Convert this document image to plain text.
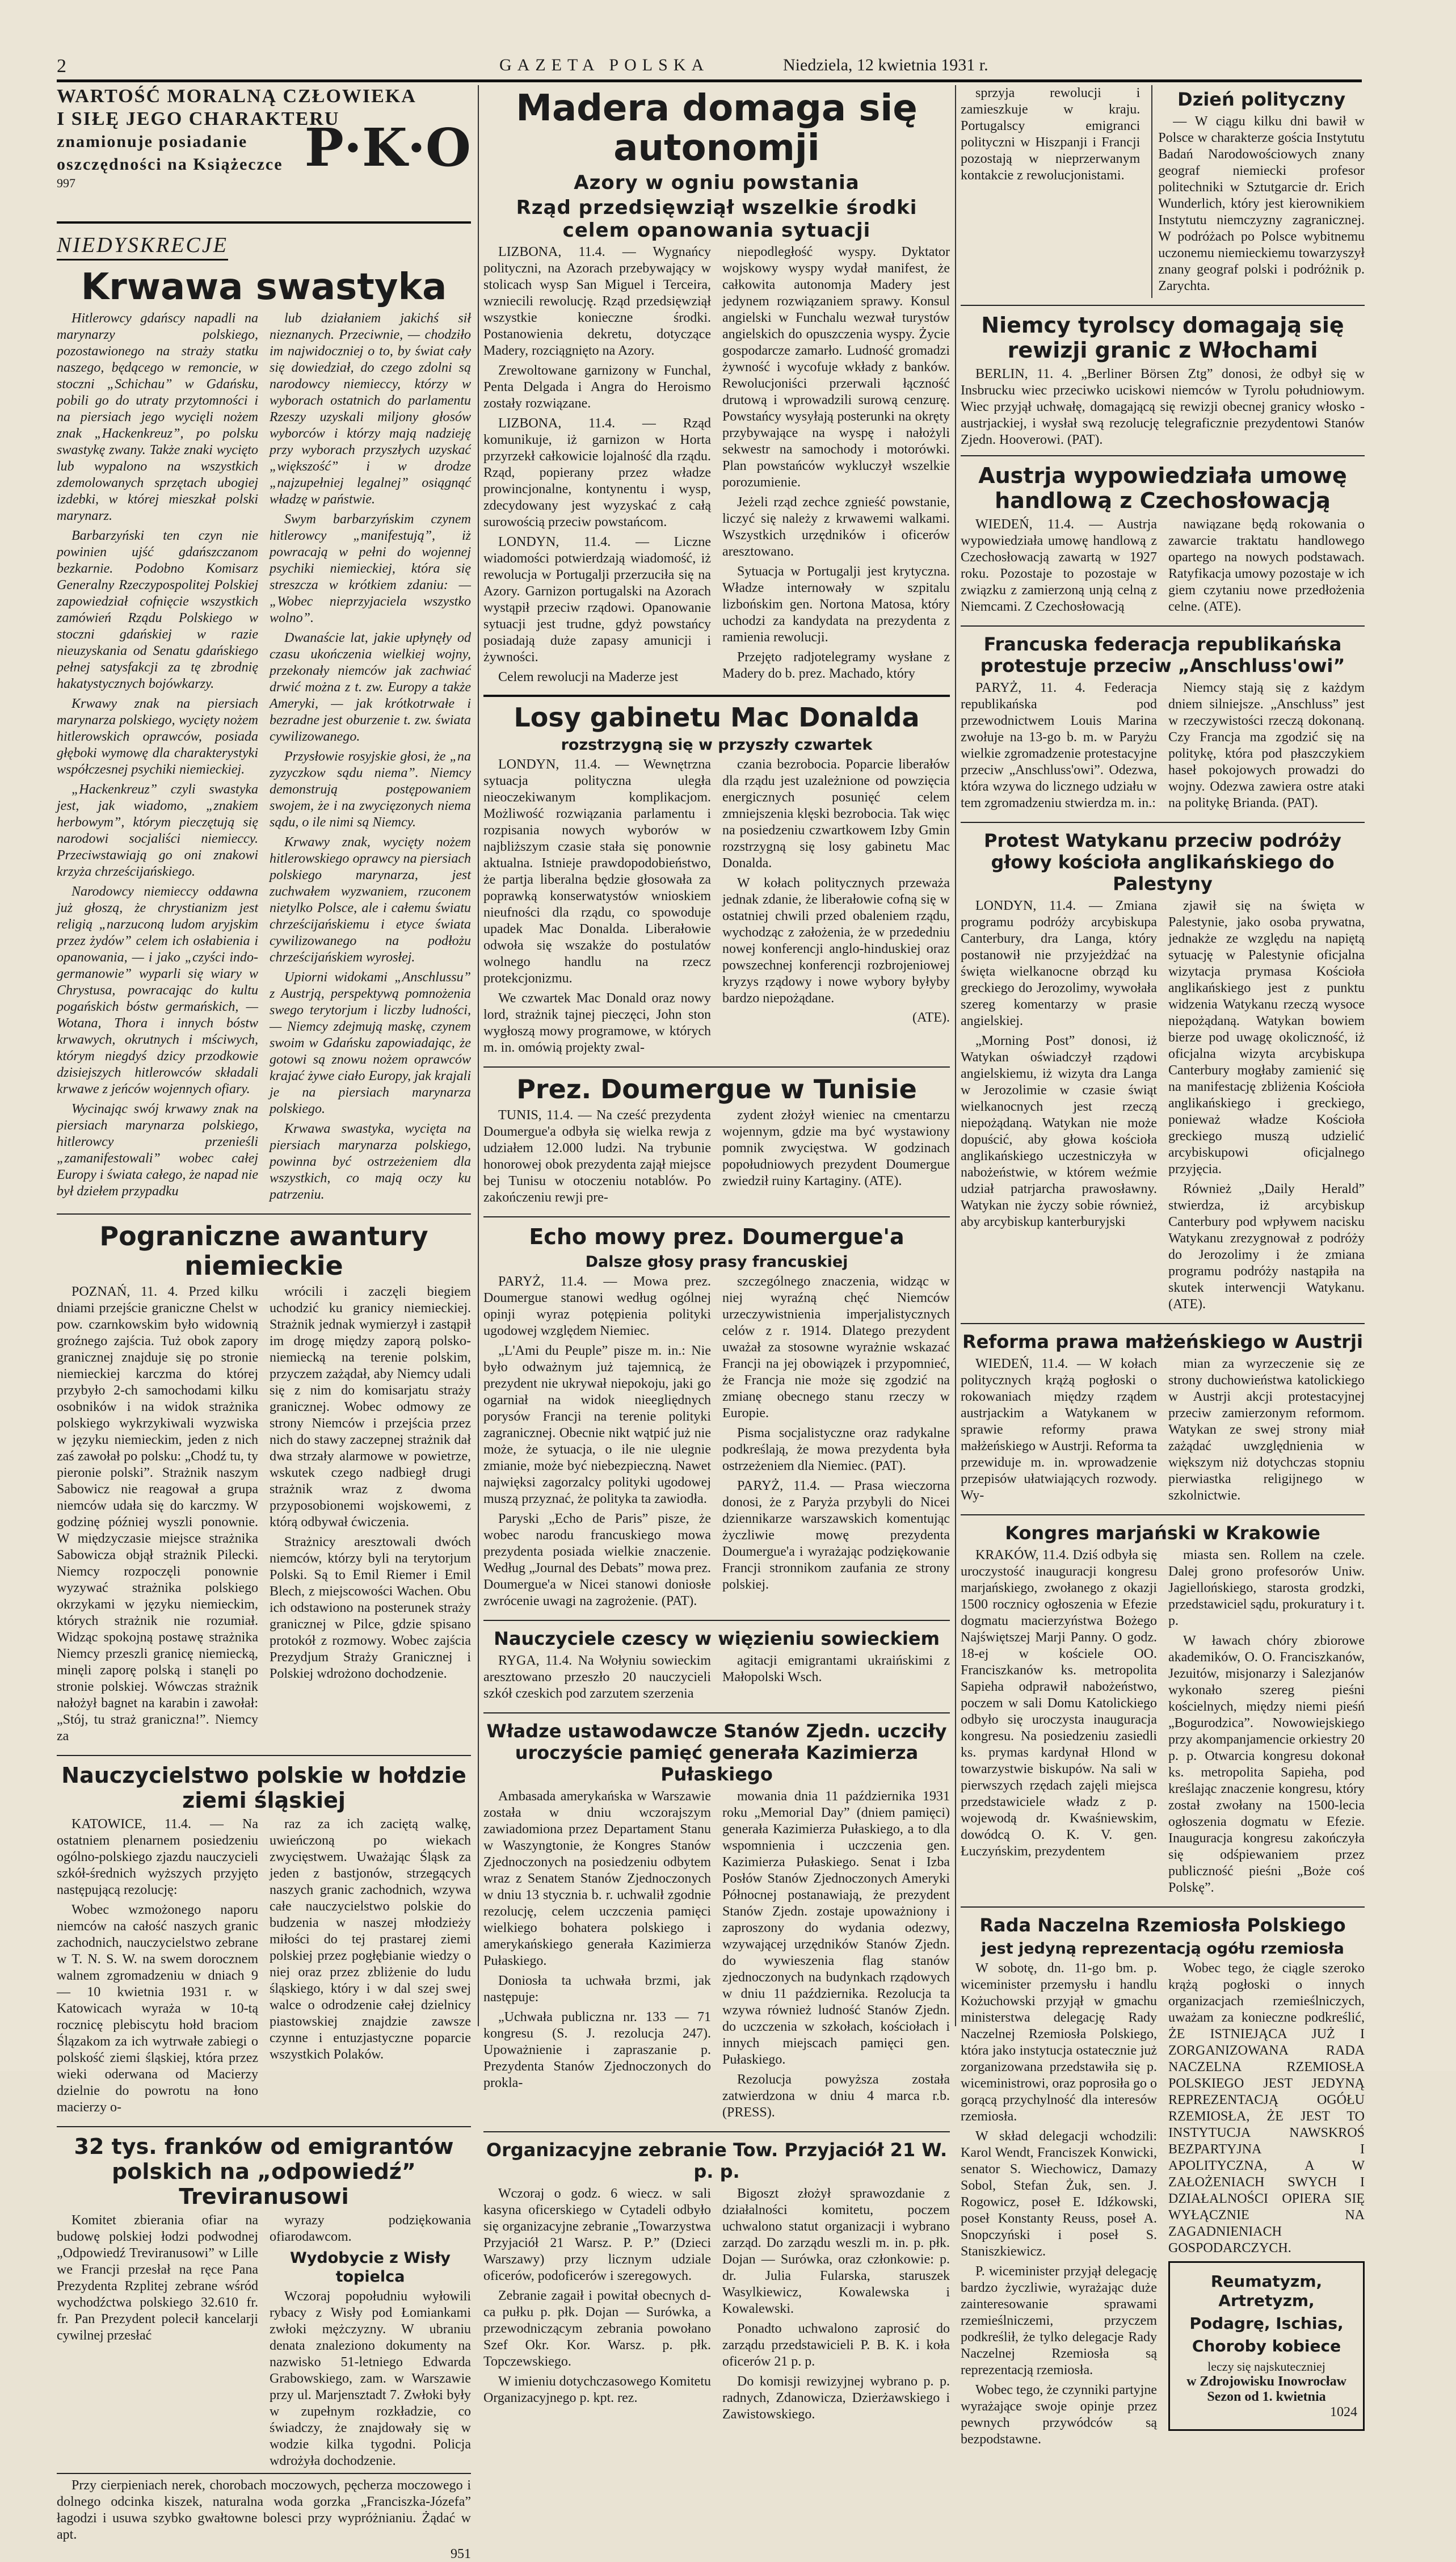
2	GAZETA POLSKA	Niedziela, 12 kwietnia 1931 r.
WARTOŚĆ MORALNĄ CZŁOWIEKA
I SIŁĘ JEGO CHARAKTERU
znamionuje posiadanie
oszczędności na Książeczce P·K·O
997
NIEDYSKRECJE
Krwawa swastyka

Hitlerowcy gdańscy napadli na marynarzy polskiego, pozostawionego na straży statku naszego, będącego w remoncie, w stoczni „Schichau” w Gdańsku, pobili go do utraty przytomności i na piersiach jego wycięli nożem znak „Hackenkreuz”, po polsku swastykę zwany. Także znaki wycięto lub wypalono na wszystkich zdemolowanych sprzętach ubogiej izdebki, w której mieszkał polski marynarz.

Barbarzyński ten czyn nie powinien ujść gdańszczanom bezkarnie. Podobno Komisarz Generalny Rzeczypospolitej Polskiej zapowiedział cofnięcie wszystkich zamówień Rządu Polskiego w stoczni gdańskiej w razie nieuzyskania od Senatu gdańskiego pełnej satysfakcji za tę zbrodnię hakatystycznych bojówkarzy.

Krwawy znak na piersiach marynarza polskiego, wycięty nożem hitlerowskich oprawców, posiada głęboki wymowę dla charakterystyki współczesnej psychiki niemieckiej.

„Hackenkreuz” czyli swastyka jest, jak wiadomo, „znakiem herbowym”, którym pieczętują się narodowi socjaliści niemieccy. Przeciwstawiają go oni znakowi krzyża chrześcijańskiego.

Narodowcy niemieccy oddawna już głoszą, że chrystianizm jest religią „narzuconą ludom aryjskim przez żydów” celem ich osłabienia i opanowania, — i jako „czyści indo-germanowie” wyparli się wiary w Chrystusa, powracając do kultu pogańskich bóstw germańskich, — Wotana, Thora i innych bóstw krwawych, okrutnych i mściwych, którym niegdyś dzicy przodkowie dzisiejszych hitlerowców składali krwawe z jeńców wojennych ofiary.

Wycinając swój krwawy znak na piersiach marynarza polskiego, hitlerowcy przenieśli „zamanifestowali” wobec całej Europy i świata całego, że napad nie był dziełem przypadku

lub działaniem jakichś sił nieznanych. Przeciwnie, — chodziło im najwidoczniej o to, by świat cały się dowiedział, do czego zdolni są narodowcy niemieccy, którzy w wyborach ostatnich do parlamentu Rzeszy uzyskali miljony głosów wyborców i którzy mają nadzieję przy wyborach przyszłych uzyskać „większość” i w drodze „najzupełniej legalnej” osiągnąć władzę w państwie.

Swym barbarzyńskim czynem hitlerowcy „manifestują”, iż powracają w pełni do wojennej psychiki niemieckiej, która się streszcza w krótkiem zdaniu: — „Wobec nieprzyjaciela wszystko wolno”.

Dwanaście lat, jakie upłynęły od czasu ukończenia wielkiej wojny, przekonały niemców jak zachwiać drwić można z t. zw. Europy a także Ameryki, — jak krótkotrwałe i bezradne jest oburzenie t. zw. świata cywilizowanego.

Przysłowie rosyjskie głosi, że „na zyzyczkow sądu niema”. Niemcy demonstrują postępowaniem swojem, że i na zwycięzonych niema sądu, o ile nimi są Niemcy.

Krwawy znak, wycięty nożem hitlerowskiego oprawcy na piersiach polskiego marynarza, jest zuchwałem wyzwaniem, rzuconem nietylko Polsce, ale i całemu światu chrześcijańskiemu i etyce świata cywilizowanego na podłożu chrześcijańskiem wyrosłej.

Upiorni widokami „Anschlussu” z Austrją, perspektywą pomnożenia swego terytorjum i liczby ludności, — Niemcy zdejmują maskę, czynem swoim w Gdańsku zapowiadając, że gotowi są znowu nożem oprawców krajać żywe ciało Europy, jak krajali je na piersiach marynarza polskiego.

Krwawa swastyka, wycięta na piersiach marynarza polskiego, powinna być ostrzeżeniem dla wszystkich, co mają oczy ku patrzeniu.

Pograniczne awantury niemieckie

POZNAŃ, 11. 4. Przed kilku dniami przejście graniczne Chelst w pow. czarnkowskim było widownią groźnego zajścia. Tuż obok zapory granicznej znajduje się po stronie niemieckiej karczma do której przybyło 2-ch samochodami kilku osobników i na widok strażnika polskiego wykrzykiwali wyzwiska w języku niemieckim, jeden z nich zaś zawołał po polsku: „Chodź tu, ty pieronie polski”. Strażnik naszym Sabowicz nie reagował a grupa niemców udała się do karczmy. W godzinę później wyszli ponownie. W międzyczasie miejsce strażnika Sabowicza objął strażnik Pilecki. Niemcy rozpoczęli ponownie wyzywać strażnika polskiego okrzykami w języku niemieckim, których strażnik nie rozumiał. Widząc spokojną postawę strażnika Niemcy przeszli granicę niemiecką, minęli zaporę polską i stanęli po stronie polskiej. Wówczas strażnik nałożył bagnet na karabin i zawołał: „Stój, tu straż graniczna!”. Niemcy za

wrócili i zaczęli biegiem uchodzić ku granicy niemieckiej. Strażnik jednak wymierzył i zastąpił im drogę między zaporą polsko-niemiecką na terenie polskim, przyczem zażądał, aby Niemcy udali się z nim do komisarjatu straży granicznej. Wobec odmowy ze strony Niemców i przejścia przez nich do stawy zaczepnej strażnik dał dwa strzały alarmowe w powietrze, wskutek czego nadbiegł drugi strażnik wraz z dwoma przyposobionemi wojskowemi, z którą odbywał ćwiczenia.

Strażnicy aresztowali dwóch niemców, którzy byli na terytorjum Polski. Są to Emil Riemer i Emil Blech, z miejscowości Wachen. Obu ich odstawiono na posterunek straży granicznej w Pilce, gdzie spisano protokół z rozmowy. Wobec zajścia Prezydjum Straży Granicznej i Polskiej wdrożono dochodzenie.

Nauczycielstwo polskie w hołdzie ziemi śląskiej

KATOWICE, 11.4. — Na ostatniem plenarnem posiedzeniu ogólno-polskiego zjazdu nauczycieli szkół-średnich wyższych przyjęto następującą rezolucję:

Wobec wzmożonego naporu niemców na całość naszych granic zachodnich, nauczycielstwo zebrane w T. N. S. W. na swem dorocznem walnem zgromadzeniu w dniach 9 — 10 kwietnia 1931 r. w Katowicach wyraża w 10-tą rocznicę plebiscytu hołd braciom Ślązakom za ich wytrwałe zabiegi o polskość ziemi śląskiej, która przez wieki oderwana od Macierzy dzielnie do powrotu na łono macierzy o-

raz za ich zaciętą walkę, uwieńczoną po wiekach zwycięstwem. Uważając Śląsk za jeden z bastjonów, strzegących naszych granic zachodnich, wzywa całe nauczycielstwo polskie do budzenia w naszej młodzieży miłości do tej prastarej ziemi polskiej przez pogłębianie wiedzy o niej oraz przez zbliżenie do ludu śląskiego, który i w dal szej swej walce o odrodzenie całej dzielnicy piastowskiej znajdzie zawsze czynne i entuzjastyczne poparcie wszystkich Polaków.

32 tys. franków od emigrantów polskich na „odpowiedź” Treviranusowi

Komitet zbierania ofiar na budowę polskiej łodzi podwodnej „Odpowiedź Treviranusowi” w Lille we Francji przesłał na ręce Pana Prezydenta Rzplitej zebrane wśród wychodźctwa polskiego 32.610 fr. fr. Pan Prezydent polecił kancelarji cywilnej przesłać

wyrazy podziękowania ofiarodawcom.

Wydobycie z Wisły topielca

Wczoraj popołudniu wyłowili rybacy z Wisły pod Łomiankami zwłoki mężczyzny. W ubraniu denata znaleziono dokumenty na nazwisko 51-letniego Edwarda Grabowskiego, zam. w Warszawie przy ul. Marjensztadt 7. Zwłoki były w zupełnym rozkładzie, co świadczy, że znajdowały się w wodzie kilka tygodni. Policja wdrożyła dochodzenie.

Przy cierpieniach nerek, chorobach moczowych, pęcherza moczowego i dolnego odcinka kiszek, naturalna woda gorzka „Franciszka-Józefa” łagodzi i usuwa szybko gwałtowne bolesci przy wypróżnianiu. Żądać w apt.

951
Madera domaga się autonomji
Azory w ogniu powstania
Rząd przedsięwziął wszelkie środki celem opanowania sytuacji

LIZBONA, 11.4. — Wygnańcy polityczni, na Azorach przebywający w stolicach wysp San Miguel i Terceira, wzniecili rewolucję. Rząd przedsięwziął wszystkie konieczne środki. Postanowienia dekretu, dotyczące Madery, rozciągnięto na Azory.

Zrewoltowane garnizony w Funchal, Penta Delgada i Angra do Heroismo zostały rozwiązane.

LIZBONA, 11.4. — Rząd komunikuje, iż garnizon w Horta przyrzekł całkowicie lojalność dla rządu. Rząd, popierany przez władze prowincjonalne, kontynentu i wysp, zdecydowany jest wyzyskać z całą surowością przeciw powstańcom.

LONDYN, 11.4. — Liczne wiadomości potwierdzają wiadomość, iż rewolucja w Portugalji przerzuciła się na Azory. Garnizon portugalski na Azorach wystąpił przeciw rządowi. Opanowanie sytuacji jest trudne, gdyż powstańcy posiadają duże zapasy amunicji i żywności.

Celem rewolucji na Maderze jest

niepodległość wyspy. Dyktator wojskowy wyspy wydał manifest, że całkowita autonomja Madery jest jedynem rozwiązaniem sprawy. Konsul angielski w Funchalu wezwał turystów angielskich do opuszczenia wyspy. Życie gospodarcze zamarło. Ludność gromadzi żywność i wycofuje wkłady z banków. Rewolucjoniści przerwali łączność drutową i wprowadzili surową cenzurę. Powstańcy wysyłają posterunki na okręty przybywające na wyspę i nałożyli sekwestr na samochody i motorówki. Plan powstańców wykluczył wszelkie porozumienie.

Jeżeli rząd zechce zgnieść powstanie, liczyć się należy z krwawemi walkami. Wszystkich urzędników i oficerów aresztowano.

Sytuacja w Portugalji jest krytyczna. Władze internowały w szpitalu lizbońskim gen. Nortona Matosa, który uchodzi za kandydata na prezydenta z ramienia rewolucji.

Przejęto radjotelegramy wysłane z Madery do b. prez. Machado, który

Losy gabinetu Mac Donalda
rozstrzygną się w przyszły czwartek

LONDYN, 11.4. — Wewnętrzna sytuacja polityczna uległa nieoczekiwanym komplikacjom. Możliwość rozwiązania parlamentu i rozpisania nowych wyborów w najbliższym czasie stała się ponownie aktualna. Istnieje prawdopodobieństwo, że partja liberalna będzie głosowała za poprawką konserwatystów wnioskiem nieufności dla rządu, co spowoduje upadek Mac Donalda. Liberałowie odwoła się wszakże do postulatów wolnego handlu na rzecz protekcjonizmu.

We czwartek Mac Donald oraz nowy lord, strażnik tajnej pieczęci, John ston wygłoszą mowy programowe, w których m. in. omówią projekty zwal-

czania bezrobocia. Poparcie liberałów dla rządu jest uzależnione od powzięcia energicznych posunięć celem zmniejszenia klęski bezrobocia. Tak więc na posiedzeniu czwartkowem Izby Gmin rozstrzygną się losy gabinetu Mac Donalda.

W kołach politycznych przeważa jednak zdanie, że liberałowie cofną się w ostatniej chwili przed obaleniem rządu, wychodząc z założenia, że w przededniu nowej konferencji anglo-hinduskiej oraz powszechnej konferencji rozbrojeniowej kryzys rządowy i nowe wybory byłyby bardzo niepożądane.

(ATE).
Prez. Doumergue w Tunisie

TUNIS, 11.4. — Na cześć prezydenta Doumergue'a odbyła się wielka rewja z udziałem 12.000 ludzi. Na trybunie honorowej obok prezydenta zajął miejsce bej Tunisu w otoczeniu notablów. Po zakończeniu rewji pre-

zydent złożył wieniec na cmentarzu wojennym, gdzie ma być wystawiony pomnik zwycięstwa. W godzinach popołudniowych prezydent Doumergue zwiedził ruiny Kartaginy. (ATE).

Echo mowy prez. Doumergue'a
Dalsze głosy prasy francuskiej

PARYŻ, 11.4. — Mowa prez. Doumergue stanowi według ogólnej opinji wyraz potępienia polityki ugodowej względem Niemiec.

„L'Ami du Peuple” pisze m. in.: Nie było odważnym już tajemnicą, że prezydent nie ukrywał niepokoju, jaki go ogarniał na widok nieegliędnych porysów Francji na terenie polityki zagranicznej. Obecnie nikt wątpić już nie może, że sytuacja, o ile nie ulegnie zmianie, może być niebezpieczną. Nawet najwięksi zagorzalcy polityki ugodowej muszą przyznać, że polityka ta zawiodła.

Paryski „Echo de Paris” pisze, że wobec narodu francuskiego mowa prezydenta posiada wielkie znaczenie. Według „Journal des Debats” mowa prez. Doumergue'a w Nicei stanowi doniosłe zwrócenie uwagi na zagrożenie. (PAT).

szczególnego znaczenia, widząc w niej wyraźną chęć Niemców urzeczywistnienia imperjalistycznych celów z r. 1914. Dlatego prezydent uważał za stosowne wyrażnie wskazać Francji na jej obowiązek i przypomnieć, że Francja nie może się zgodzić na zmianę obecnego stanu rzeczy w Europie.

Pisma socjalistyczne oraz radykalne podkreślają, że mowa prezydenta była ostrzeżeniem dla Niemiec. (PAT).

PARYŻ, 11.4. — Prasa wieczorna donosi, że z Paryża przybyli do Nicei dziennikarze warszawskich komentując życzliwie mowę prezydenta Doumergue'a i wyrażając podziękowanie Francji stronnikom zaufania ze strony polskiej.

Nauczyciele czescy w więzieniu sowieckiem

RYGA, 11.4. Na Wołyniu sowieckim aresztowano przeszło 20 nauczycieli szkół czeskich pod zarzutem szerzenia

agitacji emigrantami ukraińskimi z Małopolski Wsch.

Władze ustawodawcze Stanów Zjedn. uczciły uroczyście pamięć generała Kazimierza Pułaskiego

Ambasada amerykańska w Warszawie została w dniu wczorajszym zawiadomiona przez Departament Stanu w Waszyngtonie, że Kongres Stanów Zjednoczonych na posiedzeniu odbytem wraz z Senatem Stanów Zjednoczonych w dniu 13 stycznia b. r. uchwalił zgodnie rezolucję, celem uczczenia pamięci wielkiego bohatera polskiego i amerykańskiego generała Kazimierza Pułaskiego.

Doniosła ta uchwała brzmi, jak następuje:

„Uchwała publiczna nr. 133 — 71 kongresu (S. J. rezolucja 247). Upoważnienie i zapraszanie p. Prezydenta Stanów Zjednoczonych do prokla-

mowania dnia 11 października 1931 roku „Memorial Day” (dniem pamięci) generała Kazimierza Pułaskiego, a to dla wspomnienia i uczczenia gen. Kazimierza Pułaskiego. Senat i Izba Posłów Stanów Zjednoczonych Ameryki Północnej postanawiają, że prezydent Stanów Zjedn. zostaje upoważniony i zaproszony do wydania odezwy, wzywającej urzędników Stanów Zjedn. do wywieszenia flag stanów zjednoczonych na budynkach rządowych w dniu 11 października. Rezolucja ta wzywa również ludność Stanów Zjedn. do uczczenia w szkołach, kościołach i innych miejscach pamięci gen. Pułaskiego.

Rezolucja powyższa została zatwierdzona w dniu 4 marca r.b. (PRESS).

Organizacyjne zebranie Tow. Przyjaciół 21 W. p. p.

Wczoraj o godz. 6 wiecz. w sali kasyna oficerskiego w Cytadeli odbyło się organizacyjne zebranie „Towarzystwa Przyjaciół 21 Warsz. P. P.” (Dzieci Warszawy) przy licznym udziale oficerów, podoficerów i szeregowych.

Zebranie zagaił i powitał obecnych d-ca pułku p. płk. Dojan — Surówka, a przewodniczącym zebrania powołano Szef Okr. Kor. Warsz. p. płk. Topczewskiego.

W imieniu dotychczasowego Komitetu Organizacyjnego p. kpt. rez.

Bigoszt złożył sprawozdanie z działalności komitetu, poczem uchwalono statut organizacji i wybrano zarząd. Do zarządu weszli m. in. p. płk. Dojan — Surówka, oraz członkowie: p. dr. Julia Fularska, staruszek Wasylkiewicz, Kowalewska i Kowalewski.

Ponadto uchwalono zaprosić do zarządu przedstawicieli P. B. K. i koła oficerów 21 p. p.

Do komisji rewizyjnej wybrano p. p. radnych, Zdanowicza, Dzierżawskiego i Zawistowskiego.

sprzyja rewolucji i zamieszkuje w kraju. Portugalscy emigranci polityczni w Hiszpanji i Francji pozostają w nieprzerwanym kontakcie z rewolucjonistami.

Dzień polityczny

— W ciągu kilku dni bawił w Polsce w charakterze gościa Instytutu Badań Narodowościowych znany geograf niemiecki profesor politechniki w Sztutgarcie dr. Erich Wunderlich, który jest kierownikiem Instytutu niemczyzny zagranicznej. W podróżach po Polsce wybitnemu uczonemu niemieckiemu towarzyszył znany geograf polski i podróżnik p. Zarychta.

Niemcy tyrolscy domagają się rewizji granic z Włochami

BERLIN, 11. 4. „Berliner Börsen Ztg” donosi, że odbył się w Insbrucku wiec przeciwko uciskowi niemców w Tyrolu południowym. Wiec przyjął uchwałę, domagającą się rewizji obecnej granicy włosko - austrjackiej, i wysłał swą rezolucję telegraficznie prezydentowi Stanów Zjedn. Hooverowi. (PAT).

Austrja wypowiedziała umowę handlową z Czechosłowacją

WIEDEŃ, 11.4. — Austrja wypowiedziała umowę handlową z Czechosłowacją zawartą w 1927 roku. Pozostaje to pozostaje w związku z zamierzoną unją celną z Niemcami. Z Czechosłowacją

nawiązane będą rokowania o zawarcie traktatu handlowego opartego na nowych podstawach. Ratyfikacja umowy pozostaje w ich giem czytaniu nowe przedłożenia celne. (ATE).

Francuska federacja republikańska protestuje przeciw „Anschluss'owi”

PARYŻ, 11. 4. Federacja republikańska pod przewodnictwem Louis Marina zwołuje na 13-go b. m. w Paryżu wielkie zgromadzenie protestacyjne przeciw „Anschluss'owi”. Odezwa, która wzywa do licznego udziału w tem zgromadzeniu stwierdza m. in.:

Niemcy stają się z każdym dniem silniejsze. „Anschluss” jest w rzeczywistości rzeczą dokonaną. Czy Francja ma zgodzić się na politykę, która pod płaszczykiem haseł pokojowych prowadzi do wojny. Odezwa zawiera ostre ataki na politykę Brianda. (PAT).

Protest Watykanu przeciw podróży głowy kościoła anglikańskiego do Palestyny

LONDYN, 11.4. — Zmiana programu podróży arcybiskupa Canterbury, dra Langa, który postanowił nie przyjeżdżać na święta wielkanocne obrząd ku greckiego do Jerozolimy, wywołała szereg komentarzy w prasie angielskiej.

„Morning Post” donosi, iż Watykan oświadczył rządowi angielskiemu, iż wizyta dra Langa w Jerozolimie w czasie świąt wielkanocnych jest rzeczą niepożądaną. Watykan nie może dopuścić, aby głowa kościoła anglikańskiego uczestniczyła w nabożeństwie, w którem weźmie udział patrjarcha prawosławny. Watykan nie życzy sobie również, aby arcybiskup kanterburyjski

zjawił się na święta w Palestynie, jako osoba prywatna, jednakże ze względu na napiętą sytuację w Palestynie oficjalna wizytacja prymasa Kościoła anglikańskiego jest z punktu widzenia Watykanu rzeczą wysoce niepożądaną. Watykan bowiem bierze pod uwagę okoliczność, iż oficjalna wizyta arcybiskupa Canterbury mogłaby zamienić się na manifestację zbliżenia Kościoła anglikańskiego i greckiego, ponieważ władze Kościoła greckiego muszą udzielić arcybiskupowi oficjalnego przyjęcia.

Również „Daily Herald” stwierdza, iż arcybiskup Canterbury pod wpływem nacisku Watykanu zrezygnował z podróży do Jerozolimy i że zmiana programu podróży nastąpiła na skutek interwencji Watykanu. (ATE).

Reforma prawa małżeńskiego w Austrji

WIEDEŃ, 11.4. — W kołach politycznych krążą pogłoski o rokowaniach między rządem austrjackim a Watykanem w sprawie reformy prawa małżeńskiego w Austrji. Reforma ta przewiduje m. in. wprowadzenie przepisów ułatwiających rozwody. Wy-

mian za wyrzeczenie się ze strony duchowieństwa katolickiego w Austrji akcji protestacyjnej przeciw zamierzonym reformom. Watykan ze swej strony miał zażądać uwzględnienia w większym niż dotychczas stopniu pierwiastka religijnego w szkolnictwie.

Kongres marjański w Krakowie

KRAKÓW, 11.4. Dziś odbyła się uroczystość inauguracji kongresu marjańskiego, zwołanego z okazji 1500 rocznicy ogłoszenia w Efezie dogmatu macierzyństwa Bożego Najświętszej Marji Panny. O godz. 18-ej w kościele OO. Franciszkanów ks. metropolita Sapieha odprawił nabożeństwo, poczem w sali Domu Katolickiego odbyło się uroczysta inauguracja kongresu. Na posiedzeniu zasiedli ks. prymas kardynał Hlond w towarzystwie biskupów. Na sali w pierwszych rzędach zajęli miejsca przedstawiciele władz z p. wojewodą dr. Kwaśniewskim, dowódcą O. K. V. gen. Łuczyńskim, prezydentem

miasta sen. Rollem na czele. Dalej grono profesorów Uniw. Jagiellońskiego, starosta grodzki, przedstawiciel sądu, prokuratury i t. p.

W ławach chóry zbiorowe akademików, O. O. Franciszkanów, Jezuitów, misjonarzy i Salezjanów wykonało szereg pieśni kościelnych, między niemi pieśń „Bogurodzica”. Nowowiejskiego przy akompanjamencie orkiestry 20 p. p. Otwarcia kongresu dokonał ks. metropolita Sapieha, pod kreślając znaczenie kongresu, który został zwołany na 1500-lecia ogłoszenia dogmatu w Efezie. Inauguracja kongresu zakończyła się odśpiewaniem przez publiczność pieśni „Boże coś Polskę”.

Rada Naczelna Rzemiosła Polskiego
jest jedyną reprezentacją ogółu rzemiosła

W sobotę, dn. 11-go bm. p. wiceminister przemysłu i handlu Kożuchowski przyjął w gmachu ministerstwa delegację Rady Naczelnej Rzemiosła Polskiego, która jako instytucja ostatecznie już zorganizowana przedstawiła się p. wiceministrowi, oraz poprosiła go o gorącą przychylność dla interesów rzemiosła.

W skład delegacji wchodzili: Karol Wendt, Franciszek Konwicki, senator S. Wiechowicz, Damazy Sobol, Stefan Żuk, sen. J. Rogowicz, poseł E. Idźkowski, poseł Konstanty Reuss, poseł A. Snopczyński i poseł S. Staniszkiewicz.

P. wiceminister przyjął delegację bardzo życzliwie, wyrażając duże zainteresowanie sprawami rzemieślniczemi, przyczem podkreślił, że tylko delegacje Rady Naczelnej Rzemiosła są reprezentacją rzemiosła.

Wobec tego, że czynniki partyjne wyrażające swoje opinje przez pewnych przywódców są bezpodstawne.

Wobec tego, że ciągle szeroko krążą pogłoski o innych organizacjach rzemieślniczych, uważam za konieczne podkreślić, ŻE ISTNIEJĄCA JUŻ I ZORGANIZOWANA RADA NACZELNA RZEMIOSŁA POLSKIEGO JEST JEDYNĄ REPREZENTACJĄ OGÓŁU RZEMIOSŁA, ŻE JEST TO INSTYTUCJA NAWSKROŚ BEZPARTYJNA I APOLITYCZNA, A W ZAŁOŻENIACH SWYCH I DZIAŁALNOŚCI OPIERA SIĘ WYŁĄCZNIE NA ZAGADNIENIACH GOSPODARCZYCH.

Reumatyzm, Artretyzm,
Podagrę, Ischias,
Choroby kobiece
leczy się najskuteczniej
w Zdrojowisku Inowrocław
Sezon od 1. kwietnia
1024
